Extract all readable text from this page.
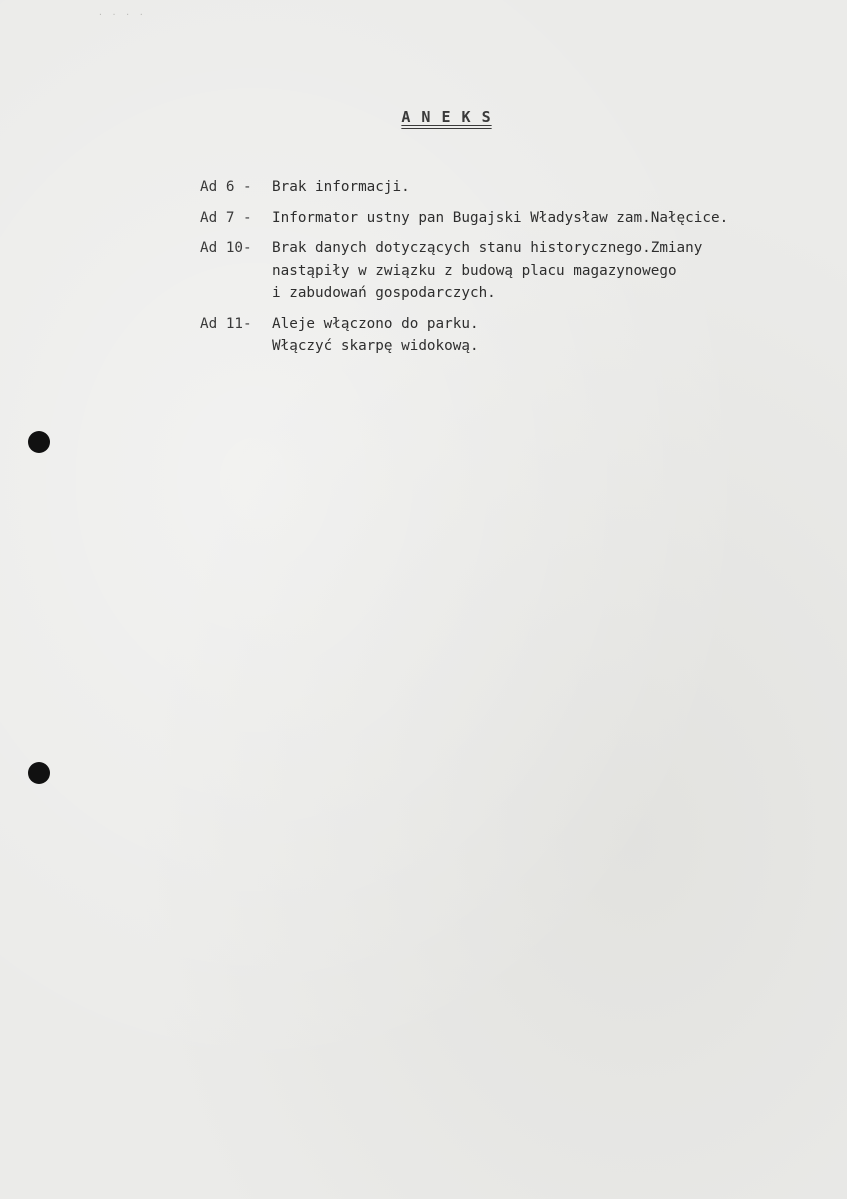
· · · ·
A N E K S
Ad 6 -	Brak informacji.
Ad 7 -	Informator ustny pan Bugajski Władysław zam.Nałęcice.
Ad 10-	Brak danych dotyczących stanu historycznego.Zmiany
nastąpiły w związku z budową placu magazynowego
i zabudowań gospodarczych.
Ad 11-	Aleje włączono do parku.
Włączyć skarpę widokową.
